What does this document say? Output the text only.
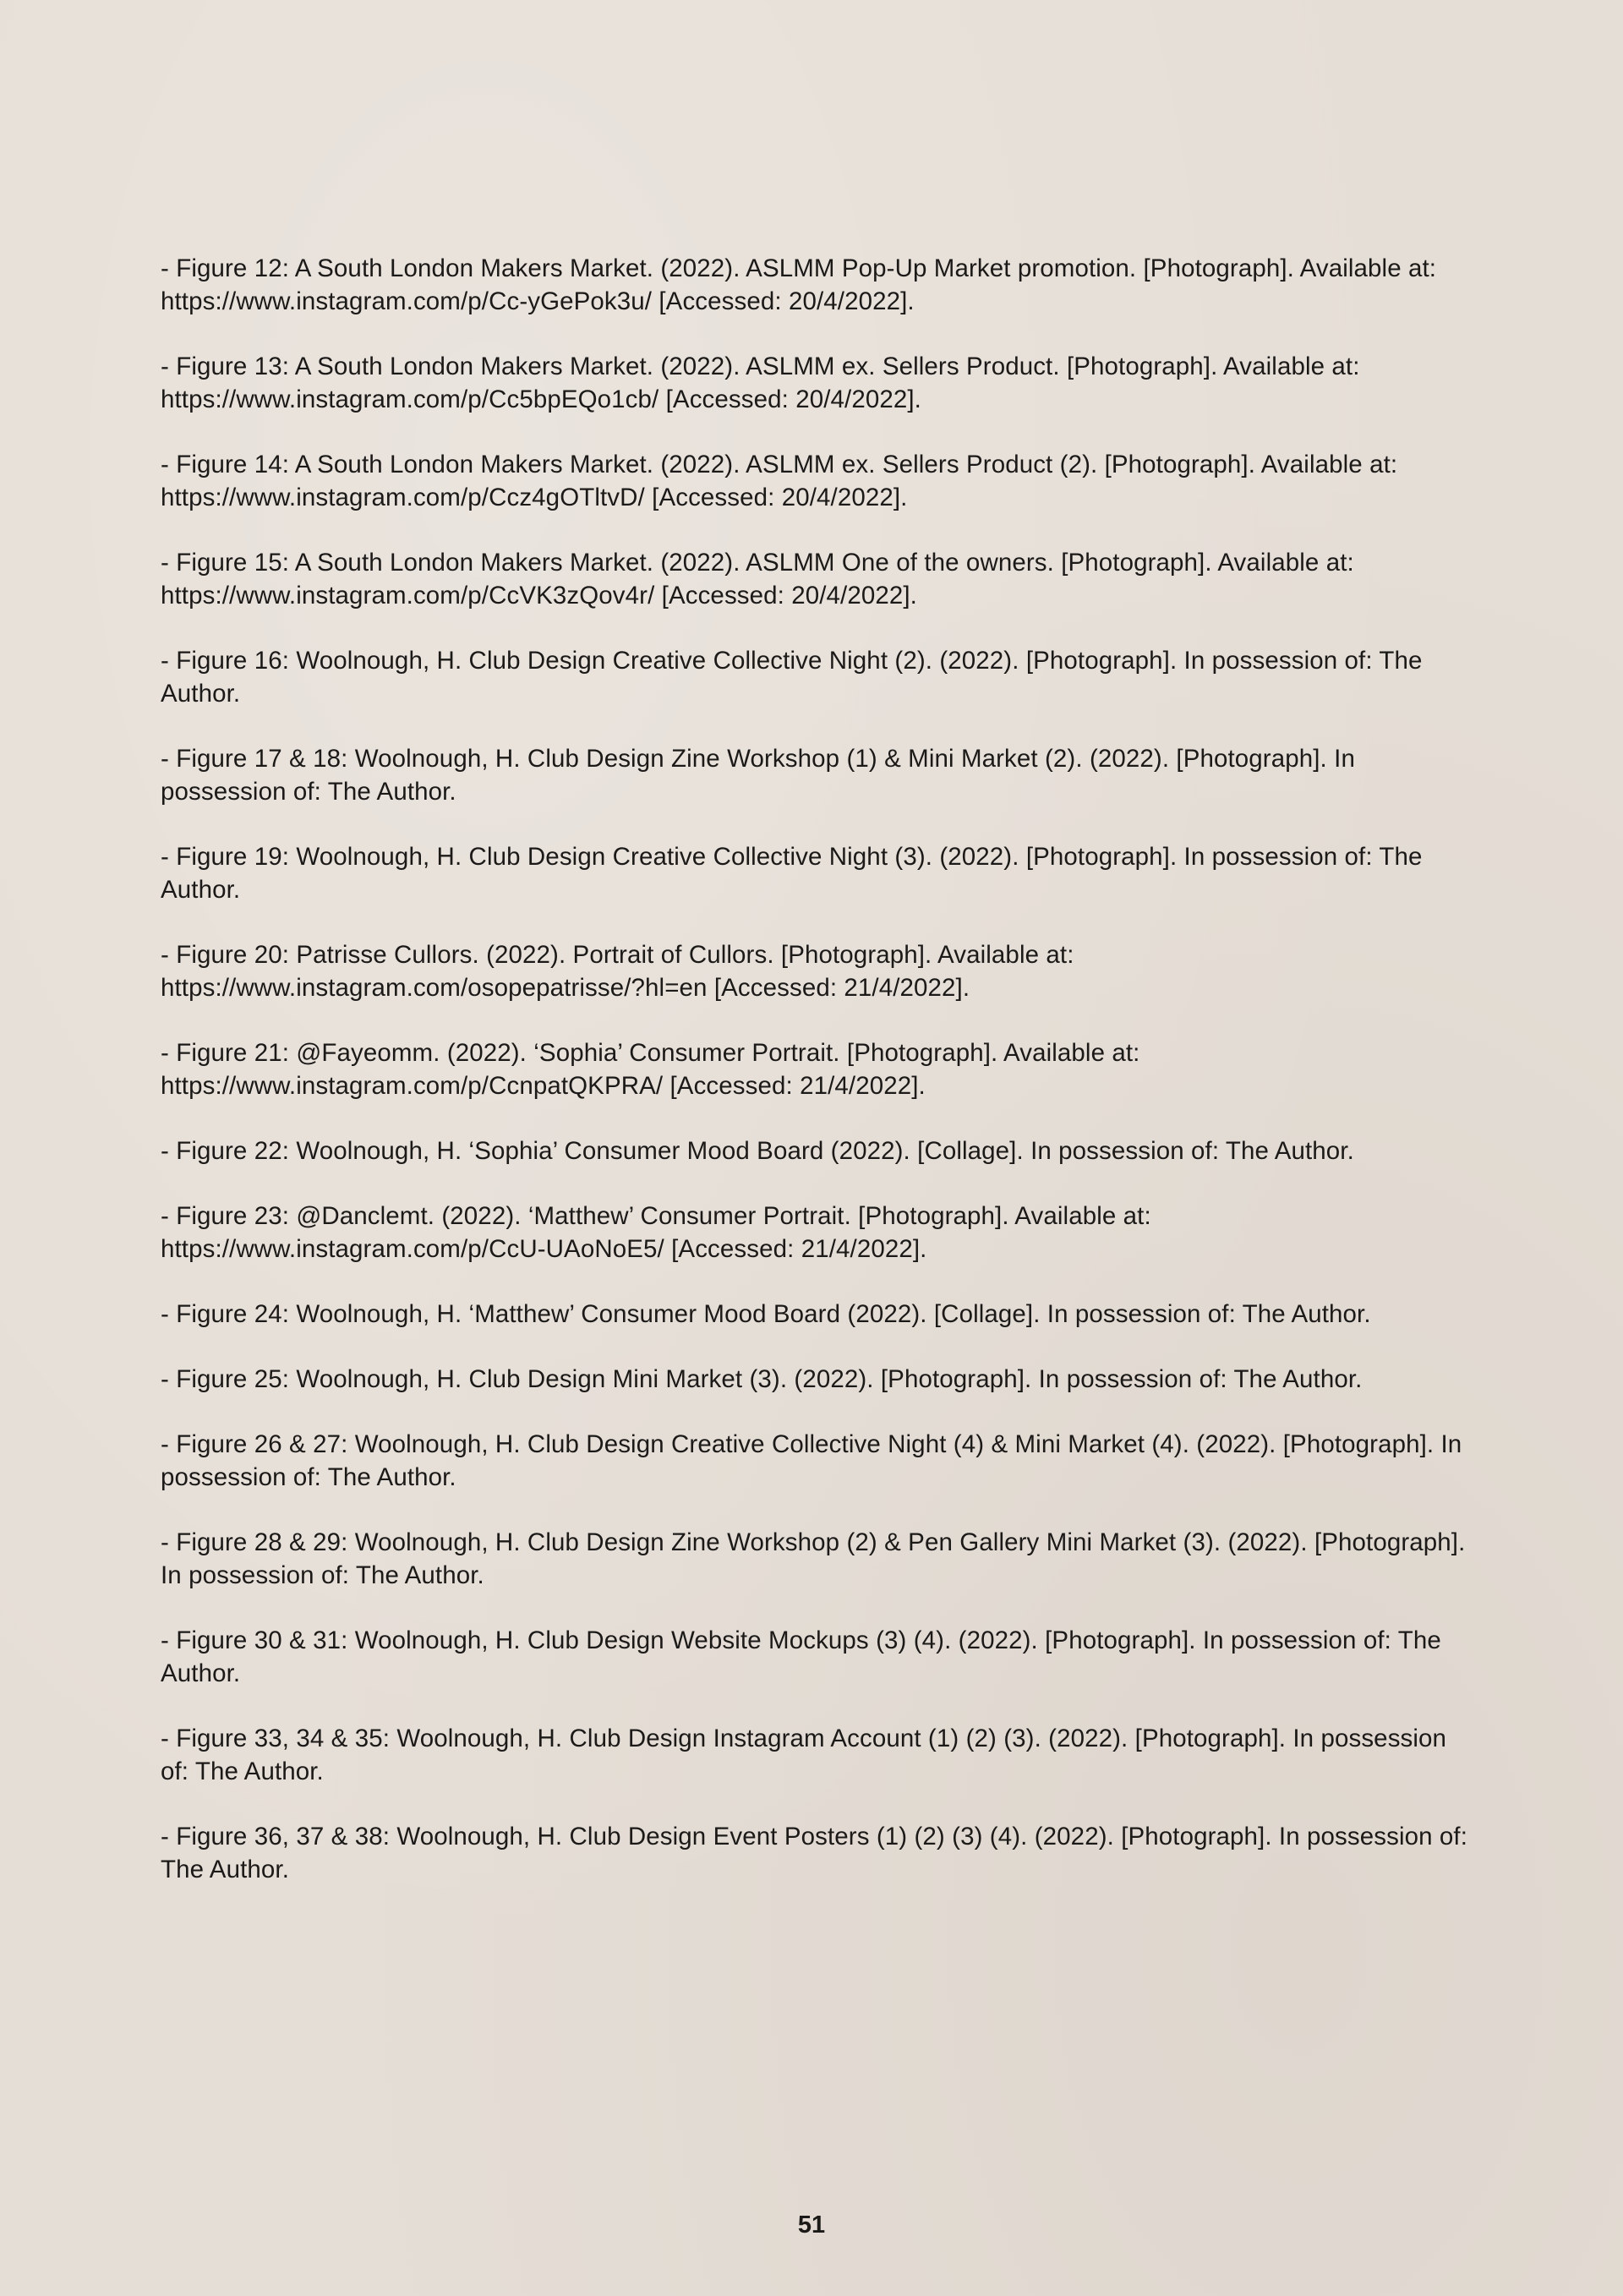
- Figure 12: A South London Makers Market. (2022). ASLMM Pop-Up Market promotion. [Photograph]. Available at: https://www.instagram.com/p/Cc-yGePok3u/ [Accessed: 20/4/2022].
- Figure 13: A South London Makers Market. (2022). ASLMM ex. Sellers Product. [Photograph]. Available at: https://www.instagram.com/p/Cc5bpEQo1cb/ [Accessed: 20/4/2022].
- Figure 14: A South London Makers Market. (2022). ASLMM ex. Sellers Product (2). [Photograph]. Available at: https://www.instagram.com/p/Ccz4gOTltvD/ [Accessed: 20/4/2022].
- Figure 15: A South London Makers Market. (2022). ASLMM One of the owners. [Photograph]. Available at: https://www.instagram.com/p/CcVK3zQov4r/ [Accessed: 20/4/2022].
- Figure 16: Woolnough, H. Club Design Creative Collective Night (2). (2022). [Photograph]. In possession of: The Author.
- Figure 17 & 18: Woolnough, H. Club Design Zine Workshop (1) & Mini Market (2). (2022). [Photograph]. In possession of: The Author.
- Figure 19: Woolnough, H. Club Design Creative Collective Night (3). (2022). [Photograph]. In possession of: The Author.
- Figure 20: Patrisse Cullors. (2022). Portrait of Cullors. [Photograph]. Available at: https://www.instagram.com/osopepatrisse/?hl=en [Accessed: 21/4/2022].
- Figure 21: @Fayeomm. (2022). ‘Sophia’ Consumer Portrait. [Photograph]. Available at: https://www.instagram.com/p/CcnpatQKPRA/ [Accessed: 21/4/2022].
- Figure 22: Woolnough, H. ‘Sophia’ Consumer Mood Board (2022). [Collage]. In possession of: The Author.
- Figure 23: @Danclemt. (2022). ‘Matthew’ Consumer Portrait. [Photograph]. Available at: https://www.instagram.com/p/CcU-UAoNoE5/ [Accessed: 21/4/2022].
- Figure 24: Woolnough, H. ‘Matthew’ Consumer Mood Board (2022). [Collage]. In possession of: The Author.
- Figure 25: Woolnough, H. Club Design Mini Market (3). (2022). [Photograph]. In possession of: The Author.
- Figure 26 & 27: Woolnough, H. Club Design Creative Collective Night (4) & Mini Market (4). (2022). [Photograph]. In possession of: The Author.
- Figure 28 & 29: Woolnough, H. Club Design Zine Workshop (2) & Pen Gallery Mini Market (3). (2022). [Photograph]. In possession of: The Author.
- Figure 30 & 31: Woolnough, H. Club Design Website Mockups (3) (4). (2022). [Photograph]. In possession of: The Author.
- Figure 33, 34 & 35: Woolnough, H. Club Design Instagram Account (1) (2) (3). (2022). [Photograph]. In possession of: The Author.
- Figure 36, 37 & 38: Woolnough, H. Club Design Event Posters (1) (2) (3) (4). (2022). [Photograph]. In possession of: The Author.
51
